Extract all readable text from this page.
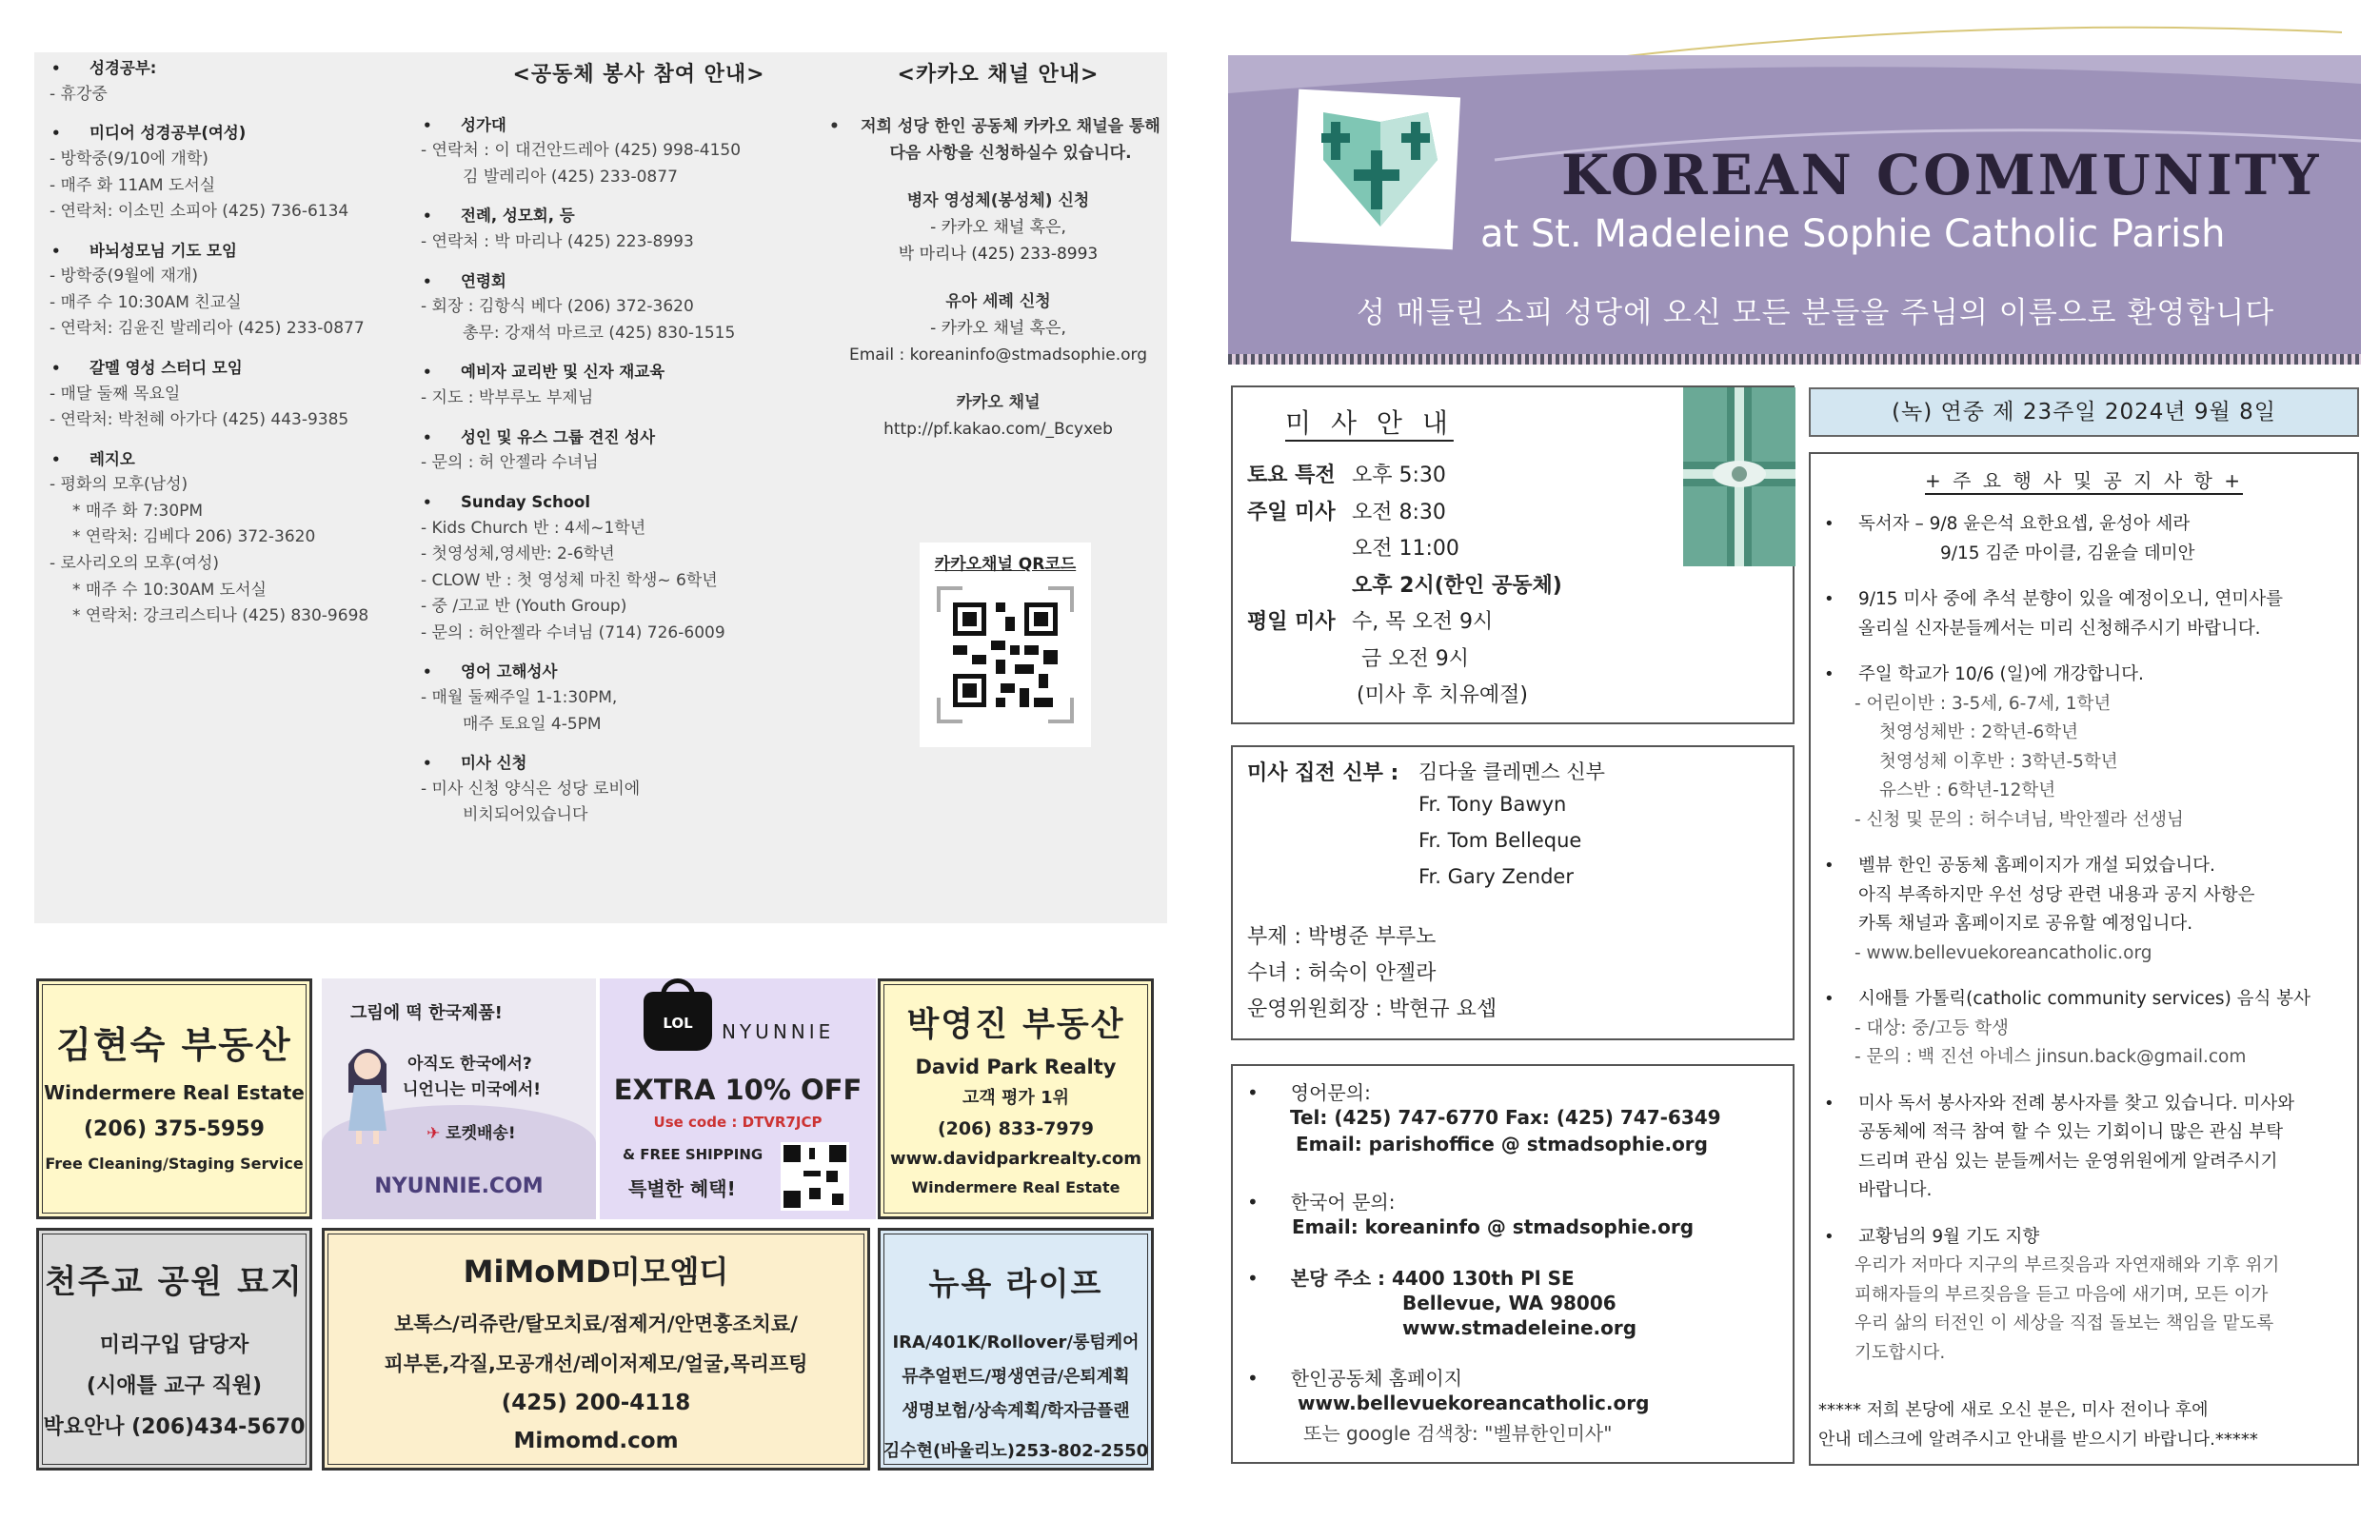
• 성경공부:
- 휴강중
• 미디어 성경공부(여성)
- 방학중(9/10에 개학)
- 매주 화 11AM 도서실
- 연락처: 이소민 소피아 (425) 736-6134
• 바뇌성모님 기도 모임
- 방학중(9월에 재개)
- 매주 수 10:30AM 친교실
- 연락처: 김윤진 발레리아 (425) 233-0877
• 갈멜 영성 스터디 모임
- 매달 둘째 목요일
- 연락처: 박천혜 아가다 (425) 443-9385
• 레지오
- 평화의 모후(남성)
* 매주 화 7:30PM
* 연락처: 김베다 206) 372-3620
- 로사리오의 모후(여성)
* 매주 수 10:30AM 도서실
* 연락처: 강크리스티나 (425) 830-9698
<공동체 봉사 참여 안내>
• 성가대
- 연락처 : 이 대건안드레아 (425) 998-4150
김 발레리아 (425) 233-0877
• 전례, 성모회, 등
- 연락처 : 박 마리나 (425) 223-8993
• 연령회
- 회장 : 김항식 베다 (206) 372-3620
총무: 강재석 마르코 (425) 830-1515
• 예비자 교리반 및 신자 재교육
- 지도 : 박부루노 부제님
• 성인 및 유스 그룹 견진 성사
- 문의 : 허 안젤라 수녀님
• Sunday School
- Kids Church 반 : 4세~1학년
- 첫영성체,영세반: 2-6학년
- CLOW 반 : 첫 영성체 마친 학생~ 6학년
- 중 /고교 반 (Youth Group)
- 문의 : 허안젤라 수녀님 (714) 726-6009
• 영어 고해성사
- 매월 둘째주일 1-1:30PM,
매주 토요일 4-5PM
• 미사 신청
- 미사 신청 양식은 성당 로비에
비치되어있습니다
<카카오 채널 안내>
• 저희 성당 한인 공동체 카카오 채널을 통해 다음 사항을 신청하실수 있습니다.
병자 영성체(봉성체) 신청
- 카카오 채널 혹은,
박 마리나 (425) 233-8993
유아 세례 신청
- 카카오 채널 혹은,
Email : koreaninfo@stmadsophie.org
카카오 채널
http://pf.kakao.com/_Bcyxeb
카카오채널 QR코드
김현숙 부동산
Windermere Real Estate
(206) 375-5959
Free Cleaning/Staging Service
그림에 떡 한국제품!
아직도 한국에서?
니언니는 미국에서!
✈ 로켓배송!
NYUNNIE.COM
LOL	NYUNNIE
EXTRA 10% OFF
Use code : DTVR7JCP
& FREE SHIPPING
특별한 혜택!
박영진 부동산
David Park Realty
고객 평가 1위
(206) 833-7979
www.davidparkrealty.com
Windermere Real Estate
천주교 공원 묘지
미리구입 담당자
(시애틀 교구 직원)
박요안나 (206)434-5670
MiMoMD미모엠디
보톡스/리쥬란/탈모치료/점제거/안면홍조치료/
피부톤,각질,모공개선/레이저제모/얼굴,목리프팅
(425) 200-4118
Mimomd.com
뉴욕 라이프
IRA/401K/Rollover/롱텀케어
뮤추얼펀드/평생연금/은퇴계획
생명보험/상속계획/학자금플랜
김수현(바울리노)253-802-2550
KOREAN COMMUNITY
at St. Madeleine Sophie Catholic Parish
성 매들린 소피 성당에 오신 모든 분들을 주님의 이름으로 환영합니다
미 사 안 내
토요 특전 오후 5:30
주일 미사 오전 8:30
오전 11:00
오후 2시(한인 공동체)
평일 미사 수, 목 오전 9시
금 오전 9시
(미사 후 치유예절)
미사 집전 신부 : 김다울 클레멘스 신부
Fr. Tony Bawyn
Fr. Tom Belleque
Fr. Gary Zender
부제 : 박병준 부루노
수녀 : 허숙이 안젤라
운영위원회장 : 박현규 요셉
• 영어문의:
Tel: (425) 747-6770 Fax: (425) 747-6349
Email: parishoffice @ stmadsophie.org
• 한국어 문의:
Email: koreaninfo @ stmadsophie.org
• 본당 주소 : 4400 130th Pl SE
Bellevue, WA 98006
www.stmadeleine.org
• 한인공동체 홈페이지
www.bellevuekoreancatholic.org
또는 google 검색창: "벨뷰한인미사"
(녹) 연중 제 23주일 2024년 9월 8일
+ 주 요 행 사 및 공 지 사 항 +
• 독서자 – 9/8 윤은석 요한요셉, 윤성아 세라
9/15 김준 마이클, 김윤슬 데미안
• 9/15 미사 중에 추석 분향이 있을 예정이오니, 연미사를
올리실 신자분들께서는 미리 신청해주시기 바랍니다.
• 주일 학교가 10/6 (일)에 개강합니다.
- 어린이반 : 3-5세, 6-7세, 1학년
첫영성체반 : 2학년-6학년
첫영성체 이후반 : 3학년-5학년
유스반 : 6학년-12학년
- 신청 및 문의 : 허수녀님, 박안젤라 선생님
• 벨뷰 한인 공동체 홈페이지가 개설 되었습니다.
아직 부족하지만 우선 성당 관련 내용과 공지 사항은
카톡 채널과 홈페이지로 공유할 예정입니다.
- www.bellevuekoreancatholic.org
• 시애틀 가톨릭(catholic community services) 음식 봉사
- 대상: 중/고등 학생
- 문의 : 백 진선 아네스 jinsun.back@gmail.com
• 미사 독서 봉사자와 전례 봉사자를 찾고 있습니다. 미사와
공동체에 적극 참여 할 수 있는 기회이니 많은 관심 부탁
드리며 관심 있는 분들께서는 운영위원에게 알려주시기
바랍니다.
• 교황님의 9월 기도 지향
우리가 저마다 지구의 부르짖음과 자연재해와 기후 위기
피해자들의 부르짖음을 듣고 마음에 새기며, 모든 이가
우리 삶의 터전인 이 세상을 직접 돌보는 책임을 맡도록
기도합시다.
***** 저희 본당에 새로 오신 분은, 미사 전이나 후에
안내 데스크에 알려주시고 안내를 받으시기 바랍니다.*****
